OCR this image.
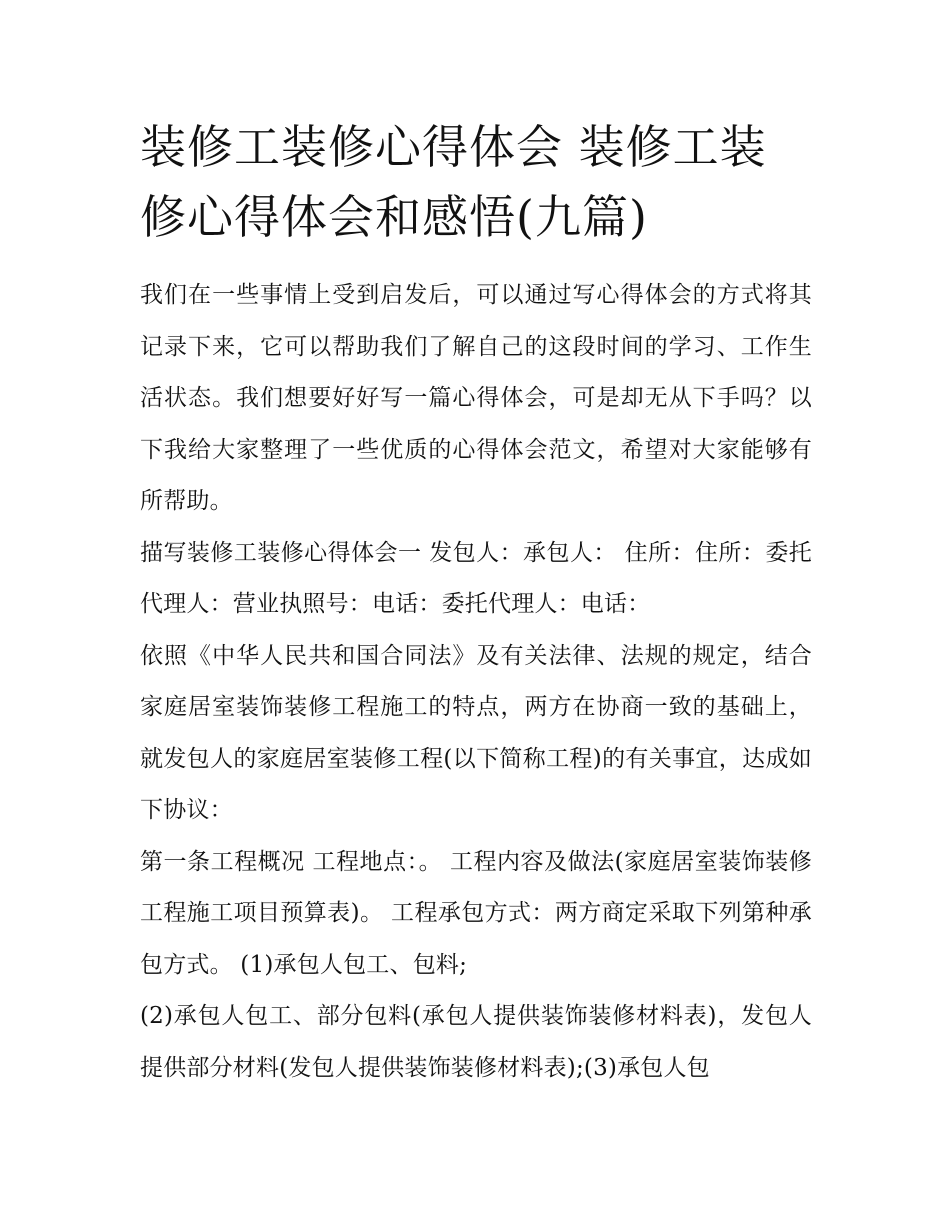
装修工装修心得体会 装修工装修心得体会和感悟(九篇)

我们在一些事情上受到启发后，可以通过写心得体会的方式将其记录下来，它可以帮助我们了解自己的这段时间的学习、工作生活状态。我们想要好好写一篇心得体会，可是却无从下手吗？以下我给大家整理了一些优质的心得体会范文，希望对大家能够有所帮助。

描写装修工装修心得体会一 发包人：承包人： 住所：住所：委托代理人：营业执照号：电话：委托代理人：电话：

依照《中华人民共和国合同法》及有关法律、法规的规定，结合家庭居室装饰装修工程施工的特点，两方在协商一致的基础上，就发包人的家庭居室装修工程(以下简称工程)的有关事宜，达成如下协议：

第一条工程概况 工程地点：。 工程内容及做法(家庭居室装饰装修工程施工项目预算表)。 工程承包方式：两方商定采取下列第种承包方式。 (1)承包人包工、包料;

(2)承包人包工、部分包料(承包人提供装饰装修材料表)，发包人提供部分材料(发包人提供装饰装修材料表);(3)承包人包
